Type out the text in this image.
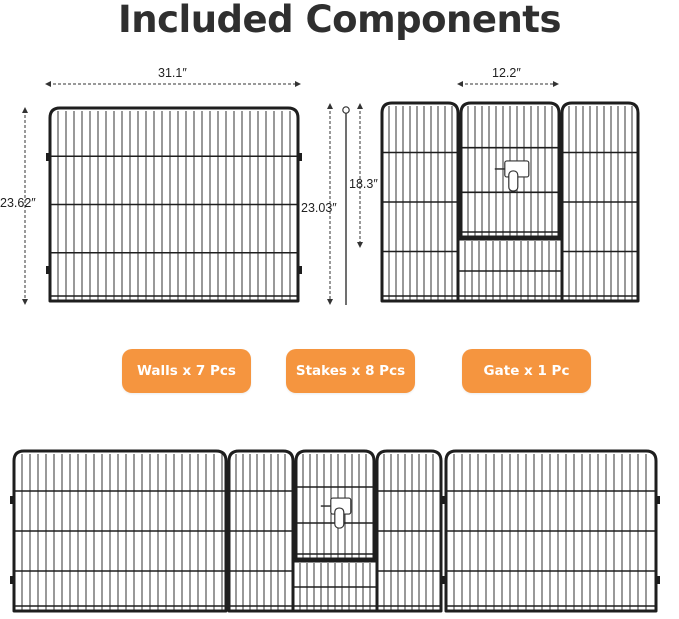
Included Components
31.1″
23.62″	23.03″
12.2″
18.3″
Walls x 7 Pcs	Stakes x 8 Pcs	Gate x 1 Pc
